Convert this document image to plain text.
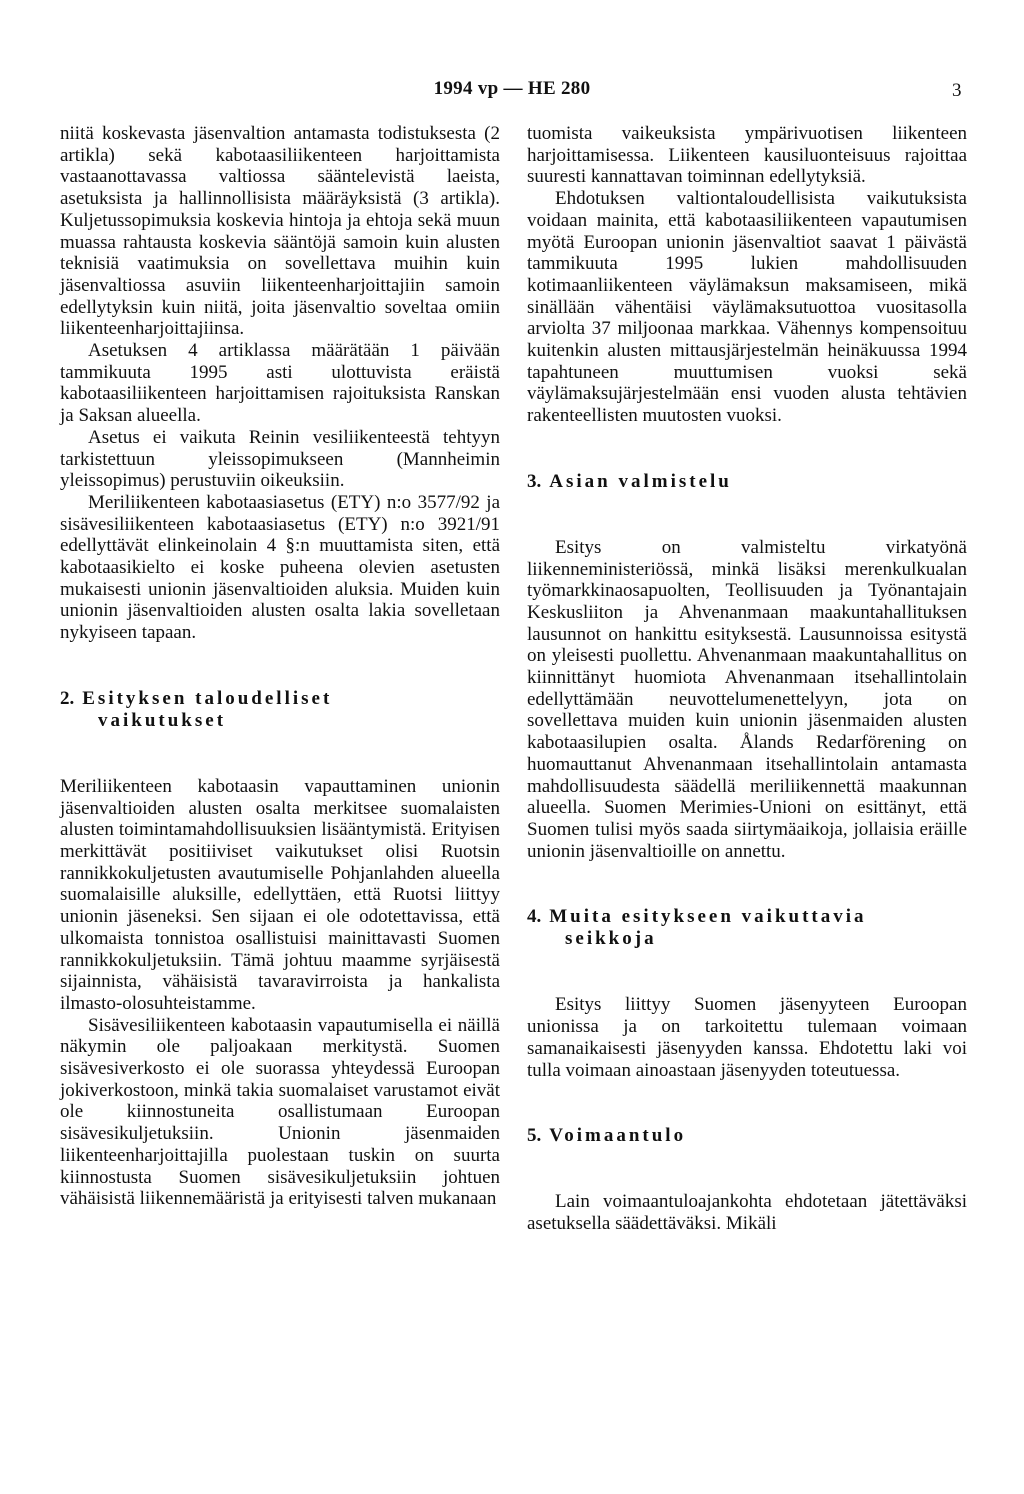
1994 vp — HE 280	3

niitä koskevasta jäsenvaltion antamasta todistuksesta (2 artikla) sekä kabotaasiliikenteen harjoittamista vastaanottavassa valtiossa sääntelevistä laeista, asetuksista ja hallinnollisista määräyksistä (3 artikla). Kuljetussopimuksia koskevia hintoja ja ehtoja sekä muun muassa rahtausta koskevia sääntöjä samoin kuin alusten teknisiä vaatimuksia on sovellettava muihin kuin jäsenvaltiossa asuviin liikenteenharjoittajiin samoin edellytyksin kuin niitä, joita jäsenvaltio soveltaa omiin liikenteenharjoittajiinsa.

Asetuksen 4 artiklassa määrätään 1 päivään tammikuuta 1995 asti ulottuvista eräistä kabotaasiliikenteen harjoittamisen rajoituksista Ranskan ja Saksan alueella.

Asetus ei vaikuta Reinin vesiliikenteestä tehtyyn tarkistettuun yleissopimukseen (Mannheimin yleissopimus) perustuviin oikeuksiin.

Meriliikenteen kabotaasiasetus (ETY) n:o 3577/92 ja sisävesiliikenteen kabotaasiasetus (ETY) n:o 3921/91 edellyttävät elinkeinolain 4 §:n muuttamista siten, että kabotaasikielto ei koske puheena olevien asetusten mukaisesti unionin jäsenvaltioiden aluksia. Muiden kuin unionin jäsenvaltioiden alusten osalta lakia sovelletaan nykyiseen tapaan.

2. Esityksen taloudelliset
vaikutukset

Meriliikenteen kabotaasin vapauttaminen unionin jäsenvaltioiden alusten osalta merkitsee suomalaisten alusten toimintamahdollisuuksien lisääntymistä. Erityisen merkittävät positiiviset vaikutukset olisi Ruotsin rannikkokuljetusten avautumiselle Pohjanlahden alueella suomalaisille aluksille, edellyttäen, että Ruotsi liittyy unionin jäseneksi. Sen sijaan ei ole odotettavissa, että ulkomaista tonnistoa osallistuisi mainittavasti Suomen rannikkokuljetuksiin. Tämä johtuu maamme syrjäisestä sijainnista, vähäisistä tavaravirroista ja hankalista ilmasto-olosuhteistamme.

Sisävesiliikenteen kabotaasin vapautumisella ei näillä näkymin ole paljoakaan merkitystä. Suomen sisävesiverkosto ei ole suorassa yhteydessä Euroopan jokiverkostoon, minkä takia suomalaiset varustamot eivät ole kiinnostuneita osallistumaan Euroopan sisävesikuljetuksiin. Unionin jäsenmaiden liikenteenharjoittajilla puolestaan tuskin on suurta kiinnostusta Suomen sisävesikuljetuksiin johtuen vähäisistä liikennemääristä ja erityisesti talven mukanaan

tuomista vaikeuksista ympärivuotisen liikenteen harjoittamisessa. Liikenteen kausiluonteisuus rajoittaa suuresti kannattavan toiminnan edellytyksiä.

Ehdotuksen valtiontaloudellisista vaikutuksista voidaan mainita, että kabotaasiliikenteen vapautumisen myötä Euroopan unionin jäsenvaltiot saavat 1 päivästä tammikuuta 1995 lukien mahdollisuuden kotimaanliikenteen väylämaksun maksamiseen, mikä sinällään vähentäisi väylämaksutuottoa vuositasolla arviolta 37 miljoonaa markkaa. Vähennys kompensoituu kuitenkin alusten mittausjärjestelmän heinäkuussa 1994 tapahtuneen muuttumisen vuoksi sekä väylämaksujärjestelmään ensi vuoden alusta tehtävien rakenteellisten muutosten vuoksi.

3. Asian valmistelu

Esitys on valmisteltu virkatyönä liikenneministeriössä, minkä lisäksi merenkulkualan työmarkkinaosapuolten, Teollisuuden ja Työnantajain Keskusliiton ja Ahvenanmaan maakuntahallituksen lausunnot on hankittu esityksestä. Lausunnoissa esitystä on yleisesti puollettu. Ahvenanmaan maakuntahallitus on kiinnittänyt huomiota Ahvenanmaan itsehallintolain edellyttämään neuvottelumenettelyyn, jota on sovellettava muiden kuin unionin jäsenmaiden alusten kabotaasilupien osalta. Ålands Redarförening on huomauttanut Ahvenanmaan itsehallintolain antamasta mahdollisuudesta säädellä meriliikennettä maakunnan alueella. Suomen Merimies-Unioni on esittänyt, että Suomen tulisi myös saada siirtymäaikoja, jollaisia eräille unionin jäsenvaltioille on annettu.

4. Muita esitykseen vaikuttavia
seikkoja

Esitys liittyy Suomen jäsenyyteen Euroopan unionissa ja on tarkoitettu tulemaan voimaan samanaikaisesti jäsenyyden kanssa. Ehdotettu laki voi tulla voimaan ainoastaan jäsenyyden toteutuessa.

5. Voimaantulo

Lain voimaantuloajankohta ehdotetaan jätettäväksi asetuksella säädettäväksi. Mikäli
